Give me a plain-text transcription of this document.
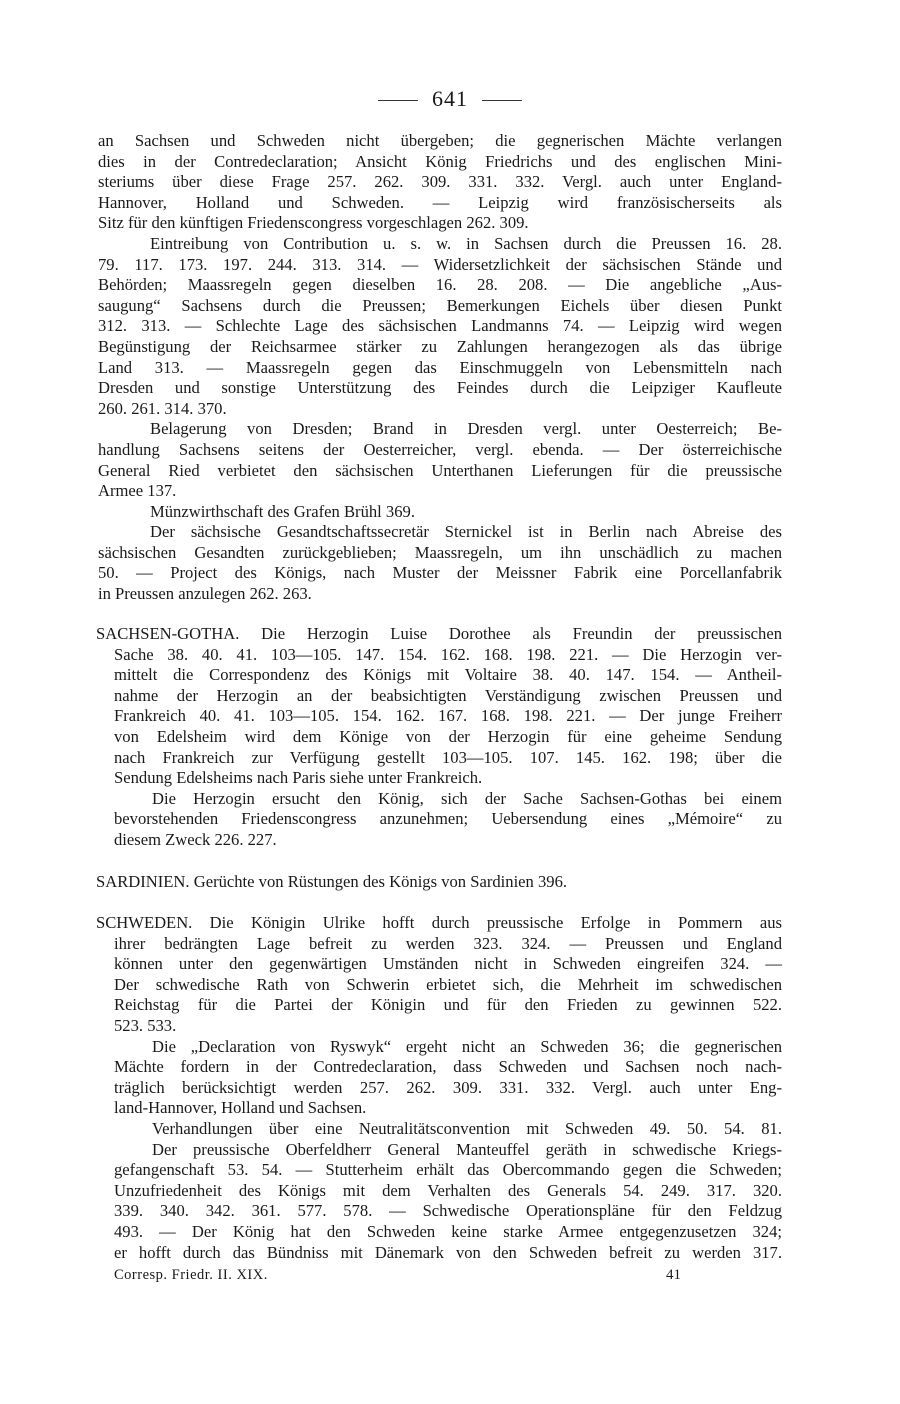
641
an Sachsen und Schweden nicht übergeben; die gegnerischen Mächte verlangen
dies in der Contredeclaration; Ansicht König Friedrichs und des englischen Mini-
steriums über diese Frage 257. 262. 309. 331. 332. Vergl. auch unter England-
Hannover, Holland und Schweden. — Leipzig wird französischerseits als
Sitz für den künftigen Friedenscongress vorgeschlagen 262. 309.
Eintreibung von Contribution u. s. w. in Sachsen durch die Preussen 16. 28.
79. 117. 173. 197. 244. 313. 314. — Widersetzlichkeit der sächsischen Stände und
Behörden; Maassregeln gegen dieselben 16. 28. 208. — Die angebliche „Aus-
saugung“ Sachsens durch die Preussen; Bemerkungen Eichels über diesen Punkt
312. 313. — Schlechte Lage des sächsischen Landmanns 74. — Leipzig wird wegen
Begünstigung der Reichsarmee stärker zu Zahlungen herangezogen als das übrige
Land 313. — Maassregeln gegen das Einschmuggeln von Lebensmitteln nach
Dresden und sonstige Unterstützung des Feindes durch die Leipziger Kaufleute
260. 261. 314. 370.
Belagerung von Dresden; Brand in Dresden vergl. unter Oesterreich; Be-
handlung Sachsens seitens der Oesterreicher, vergl. ebenda. — Der österreichische
General Ried verbietet den sächsischen Unterthanen Lieferungen für die preussische
Armee 137.
Münzwirthschaft des Grafen Brühl 369.
Der sächsische Gesandtschaftssecretär Sternickel ist in Berlin nach Abreise des
sächsischen Gesandten zurückgeblieben; Maassregeln, um ihn unschädlich zu machen
50. — Project des Königs, nach Muster der Meissner Fabrik eine Porcellanfabrik
in Preussen anzulegen 262. 263.
SACHSEN-GOTHA. Die Herzogin Luise Dorothee als Freundin der preussischen
Sache 38. 40. 41. 103—105. 147. 154. 162. 168. 198. 221. — Die Herzogin ver-
mittelt die Correspondenz des Königs mit Voltaire 38. 40. 147. 154. — Antheil-
nahme der Herzogin an der beabsichtigten Verständigung zwischen Preussen und
Frankreich 40. 41. 103—105. 154. 162. 167. 168. 198. 221. — Der junge Freiherr
von Edelsheim wird dem Könige von der Herzogin für eine geheime Sendung
nach Frankreich zur Verfügung gestellt 103—105. 107. 145. 162. 198; über die
Sendung Edelsheims nach Paris siehe unter Frankreich.
Die Herzogin ersucht den König, sich der Sache Sachsen-Gothas bei einem
bevorstehenden Friedenscongress anzunehmen; Uebersendung eines „Mémoire“ zu
diesem Zweck 226. 227.
SARDINIEN. Gerüchte von Rüstungen des Königs von Sardinien 396.
SCHWEDEN. Die Königin Ulrike hofft durch preussische Erfolge in Pommern aus
ihrer bedrängten Lage befreit zu werden 323. 324. — Preussen und England
können unter den gegenwärtigen Umständen nicht in Schweden eingreifen 324. —
Der schwedische Rath von Schwerin erbietet sich, die Mehrheit im schwedischen
Reichstag für die Partei der Königin und für den Frieden zu gewinnen 522.
523. 533.
Die „Declaration von Ryswyk“ ergeht nicht an Schweden 36; die gegnerischen
Mächte fordern in der Contredeclaration, dass Schweden und Sachsen noch nach-
träglich berücksichtigt werden 257. 262. 309. 331. 332. Vergl. auch unter Eng-
land-Hannover, Holland und Sachsen.
Verhandlungen über eine Neutralitätsconvention mit Schweden 49. 50. 54. 81.
Der preussische Oberfeldherr General Manteuffel geräth in schwedische Kriegs-
gefangenschaft 53. 54. — Stutterheim erhält das Obercommando gegen die Schweden;
Unzufriedenheit des Königs mit dem Verhalten des Generals 54. 249. 317. 320.
339. 340. 342. 361. 577. 578. — Schwedische Operationspläne für den Feldzug
493. — Der König hat den Schweden keine starke Armee entgegenzusetzen 324;
er hofft durch das Bündniss mit Dänemark von den Schweden befreit zu werden 317.
Corresp. Friedr. II. XIX.	41
